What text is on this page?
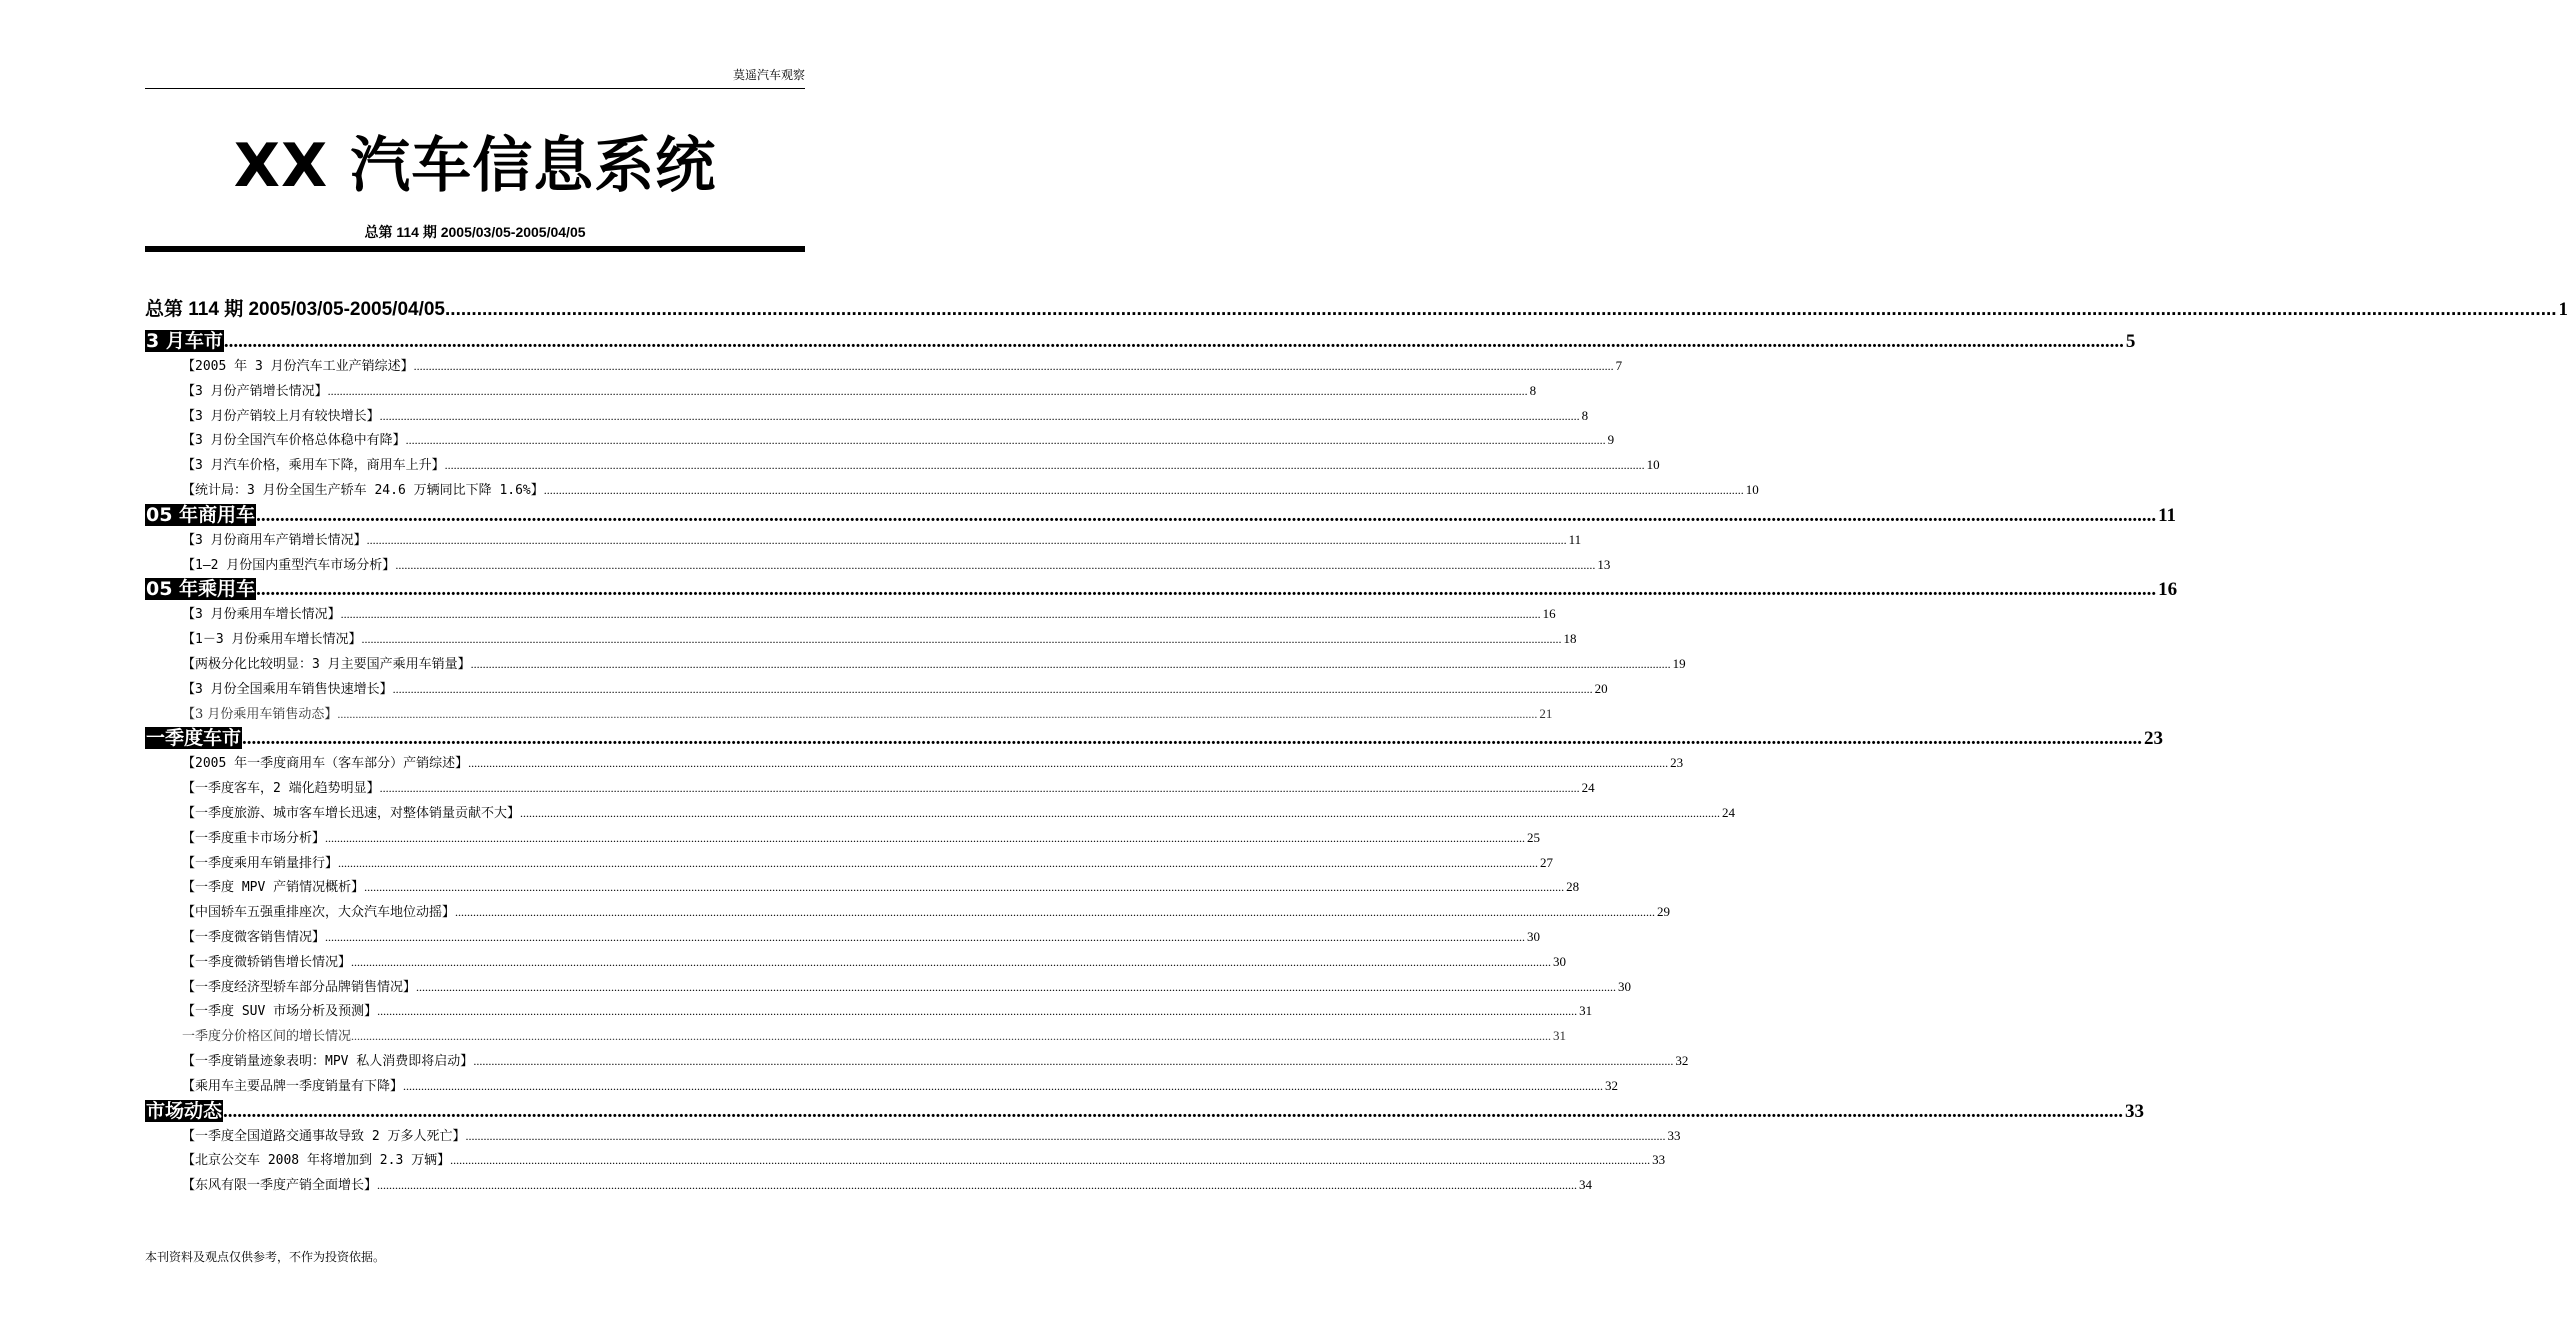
莫遥汽车观察
XX 汽车信息系统
总第 114 期 2005/03/05-2005/04/05
总第 114 期 2005/03/05-2005/04/05 ................................................................................................................................................................................................................................................................................................................................................................................................................ 1
3 月车市 ................................................................................................................................................................................................................................................................................................................................................................................................................ 5
【2005 年 3 月份汽车工业产销综述】 ................................................................................................................................................................................................................................................................................................................................................................................................................ 7
【3 月份产销增长情况】 ................................................................................................................................................................................................................................................................................................................................................................................................................ 8
【3 月份产销较上月有较快增长】 ................................................................................................................................................................................................................................................................................................................................................................................................................ 8
【3 月份全国汽车价格总体稳中有降】 ................................................................................................................................................................................................................................................................................................................................................................................................................ 9
【3 月汽车价格，乘用车下降，商用车上升】 ................................................................................................................................................................................................................................................................................................................................................................................................................ 10
【统计局：3 月份全国生产轿车 24.6 万辆同比下降 1.6%】 ................................................................................................................................................................................................................................................................................................................................................................................................................ 10
05 年商用车 ................................................................................................................................................................................................................................................................................................................................................................................................................ 11
【3 月份商用车产销增长情况】 ................................................................................................................................................................................................................................................................................................................................................................................................................ 11
【1—2 月份国内重型汽车市场分析】 ................................................................................................................................................................................................................................................................................................................................................................................................................ 13
05 年乘用车 ................................................................................................................................................................................................................................................................................................................................................................................................................ 16
【3 月份乘用车增长情况】 ................................................................................................................................................................................................................................................................................................................................................................................................................ 16
【1－3 月份乘用车增长情况】 ................................................................................................................................................................................................................................................................................................................................................................................................................ 18
【两极分化比较明显：3 月主要国产乘用车销量】 ................................................................................................................................................................................................................................................................................................................................................................................................................ 19
【3 月份全国乘用车销售快速增长】 ................................................................................................................................................................................................................................................................................................................................................................................................................ 20
【3 月份乘用车销售动态】 ................................................................................................................................................................................................................................................................................................................................................................................................................ 21
一季度车市 ................................................................................................................................................................................................................................................................................................................................................................................................................ 23
【2005 年一季度商用车（客车部分）产销综述】 ................................................................................................................................................................................................................................................................................................................................................................................................................ 23
【一季度客车，2 端化趋势明显】 ................................................................................................................................................................................................................................................................................................................................................................................................................ 24
【一季度旅游、城市客车增长迅速，对整体销量贡献不大】 ................................................................................................................................................................................................................................................................................................................................................................................................................ 24
【一季度重卡市场分析】 ................................................................................................................................................................................................................................................................................................................................................................................................................ 25
【一季度乘用车销量排行】 ................................................................................................................................................................................................................................................................................................................................................................................................................ 27
【一季度 MPV 产销情况概析】 ................................................................................................................................................................................................................................................................................................................................................................................................................ 28
【中国轿车五强重排座次，大众汽车地位动摇】 ................................................................................................................................................................................................................................................................................................................................................................................................................ 29
【一季度微客销售情况】 ................................................................................................................................................................................................................................................................................................................................................................................................................ 30
【一季度微轿销售增长情况】 ................................................................................................................................................................................................................................................................................................................................................................................................................ 30
【一季度经济型轿车部分品牌销售情况】 ................................................................................................................................................................................................................................................................................................................................................................................................................ 30
【一季度 SUV 市场分析及预测】 ................................................................................................................................................................................................................................................................................................................................................................................................................ 31
一季度分价格区间的增长情况 ................................................................................................................................................................................................................................................................................................................................................................................................................ 31
【一季度销量迹象表明：MPV 私人消费即将启动】 ................................................................................................................................................................................................................................................................................................................................................................................................................ 32
【乘用车主要品牌一季度销量有下降】 ................................................................................................................................................................................................................................................................................................................................................................................................................ 32
市场动态 ................................................................................................................................................................................................................................................................................................................................................................................................................ 33
【一季度全国道路交通事故导致 2 万多人死亡】 ................................................................................................................................................................................................................................................................................................................................................................................................................ 33
【北京公交车 2008 年将增加到 2.3 万辆】 ................................................................................................................................................................................................................................................................................................................................................................................................................ 33
【东风有限一季度产销全面增长】 ................................................................................................................................................................................................................................................................................................................................................................................................................ 34
本刊资料及观点仅供参考，不作为投资依据。
